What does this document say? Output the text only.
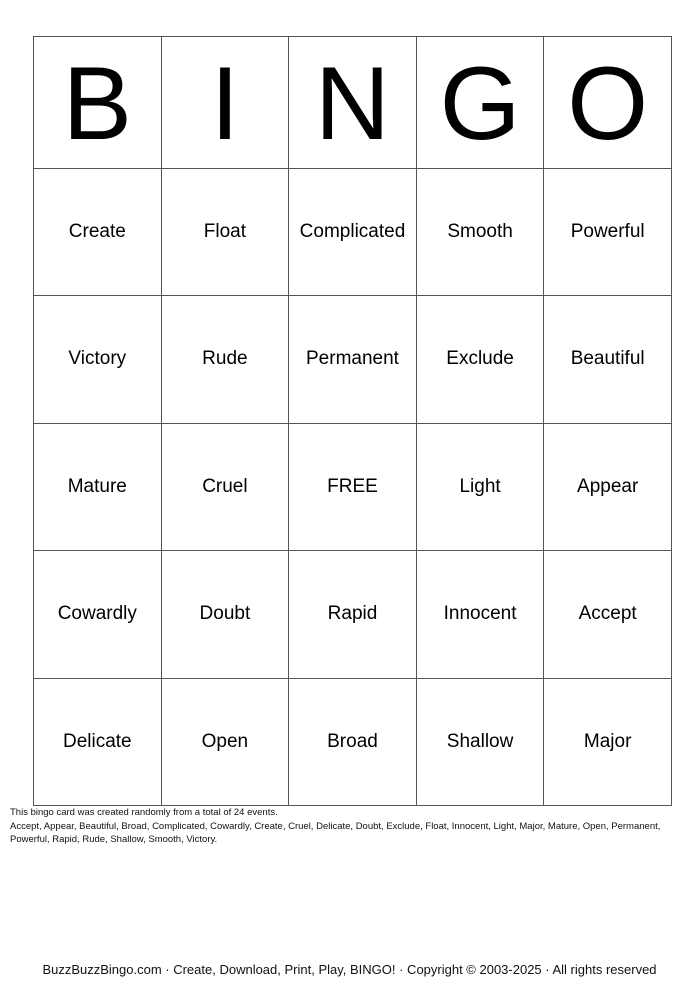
B	I	N	G	O
Create	Float	Complicated	Smooth	Powerful
Victory	Rude	Permanent	Exclude	Beautiful
Mature	Cruel	FREE	Light	Appear
Cowardly	Doubt	Rapid	Innocent	Accept
Delicate	Open	Broad	Shallow	Major
This bingo card was created randomly from a total of 24 events.
Accept, Appear, Beautiful, Broad, Complicated, Cowardly, Create, Cruel, Delicate, Doubt, Exclude, Float, Innocent, Light, Major, Mature, Open, Permanent, Powerful, Rapid, Rude, Shallow, Smooth, Victory.
BuzzBuzzBingo.com · Create, Download, Print, Play, BINGO! · Copyright © 2003-2025 · All rights reserved
